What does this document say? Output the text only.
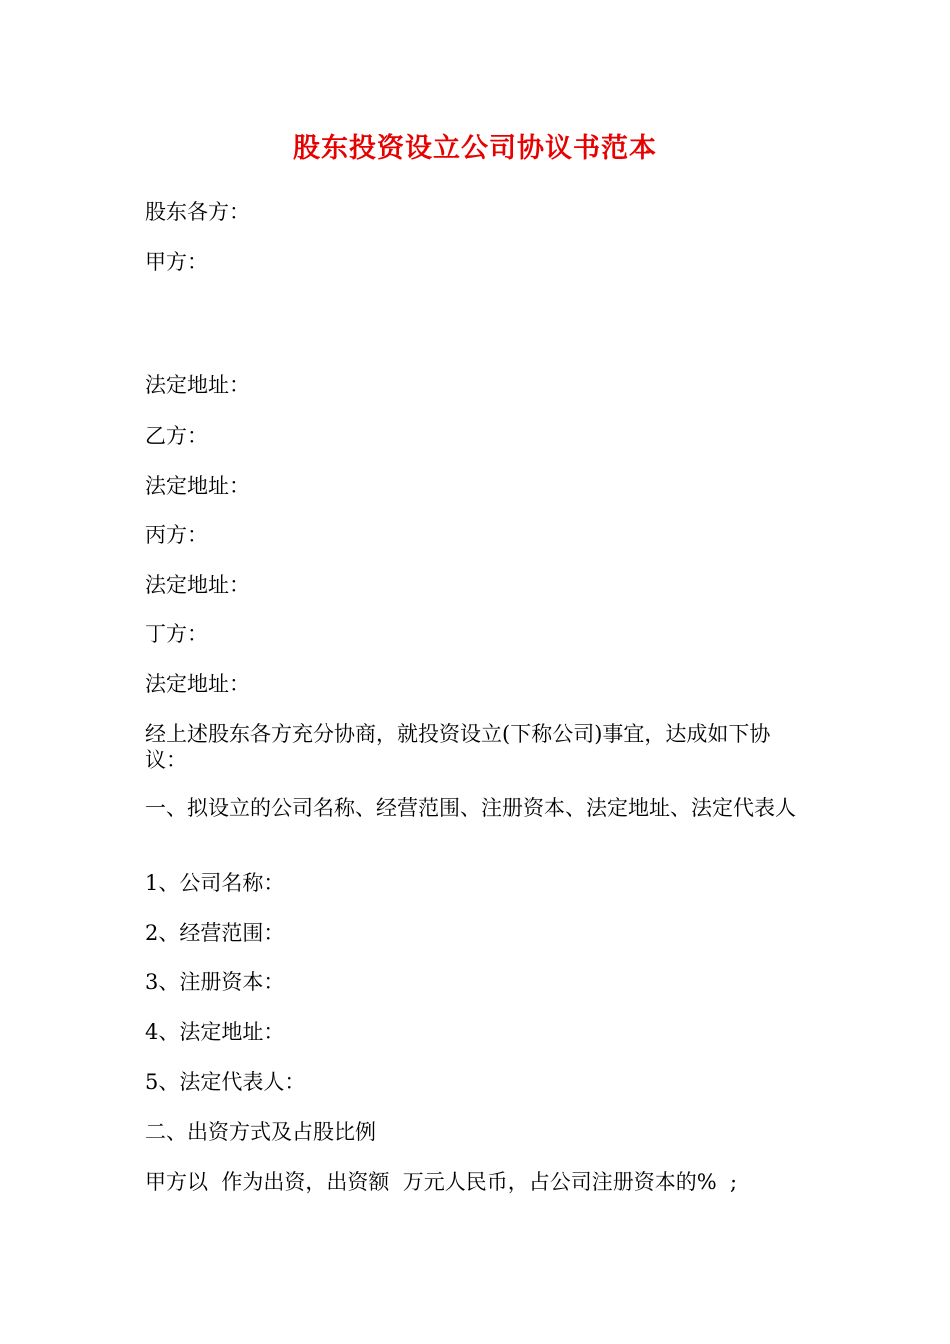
股东投资设立公司协议书范本
股东各方：
甲方：
法定地址：
乙方：
法定地址：
丙方：
法定地址：
丁方：
法定地址：
经上述股东各方充分协商，就投资设立(下称公司)事宜，达成如下协议：
一、拟设立的公司名称、经营范围、注册资本、法定地址、法定代表人
1、公司名称：
2、经营范围：
3、注册资本：
4、法定地址：
5、法定代表人：
二、出资方式及占股比例
甲方以  作为出资，出资额  万元人民币，占公司注册资本的%  ;
